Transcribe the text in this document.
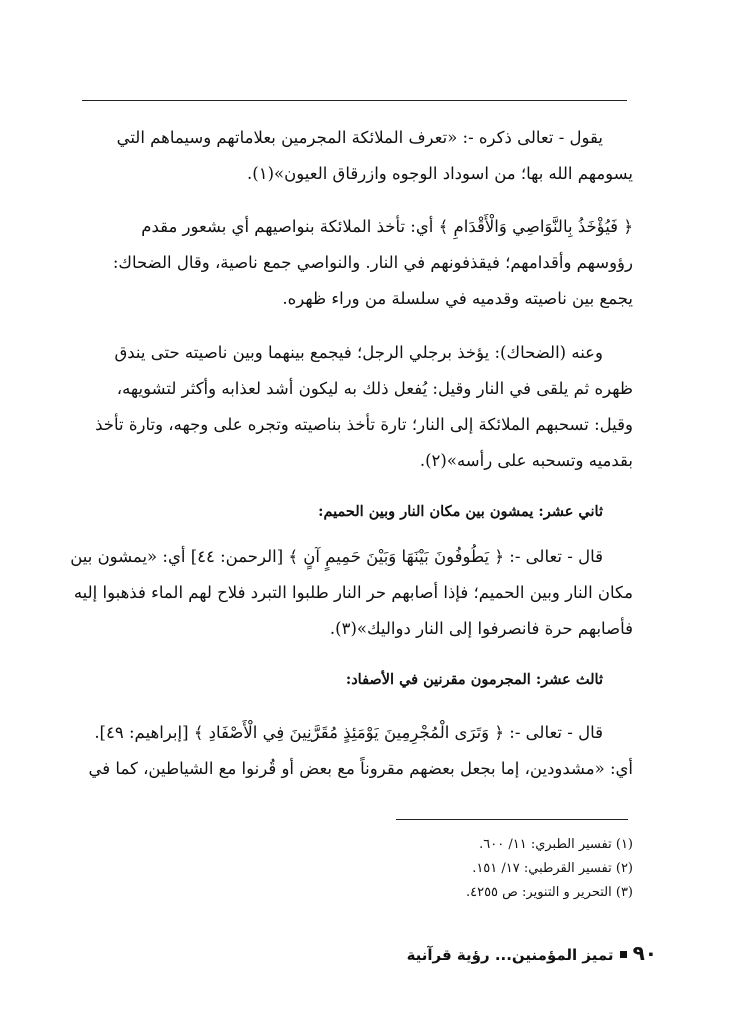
يقول - تعالى ذكره -: «تعرف الملائكة المجرمين بعلاماتهم وسيماهم التي
يسومهم الله بها؛ من اسوداد الوجوه وازرقاق العيون»(١).
﴿ فَيُؤْخَذُ بِالنَّوَاصِي وَالْأَقْدَامِ ﴾ أي: تأخذ الملائكة بنواصيهم أي بشعور مقدم
رؤوسهم وأقدامهم؛ فيقذفونهم في النار. والنواصي جمع ناصية، وقال الضحاك:
يجمع بين ناصيته وقدميه في سلسلة من وراء ظهره.
وعنه (الضحاك): يؤخذ برجلي الرجل؛ فيجمع بينهما وبين ناصيته حتى يندق
ظهره ثم يلقى في النار وقيل: يُفعل ذلك به ليكون أشد لعذابه وأكثر لتشويهه،
وقيل: تسحبهم الملائكة إلى النار؛ تارة تأخذ بناصيته وتجره على وجهه، وتارة تأخذ
بقدميه وتسحبه على رأسه»(٢).
ثاني عشر: يمشون بين مكان النار وبين الحميم:
قال - تعالى -: ﴿ يَطُوفُونَ بَيْنَهَا وَبَيْنَ حَمِيمٍ آنٍ ﴾ [الرحمن: ٤٤] أي: «يمشون بين
مكان النار وبين الحميم؛ فإذا أصابهم حر النار طلبوا التبرد فلاح لهم الماء فذهبوا إليه
فأصابهم حرة فانصرفوا إلى النار دواليك»(٣).
ثالث عشر: المجرمون مقرنين في الأصفاد:
قال - تعالى -: ﴿ وَتَرَى الْمُجْرِمِينَ يَوْمَئِذٍ مُقَرَّنِينَ فِي الْأَصْفَادِ ﴾ [إبراهيم: ٤٩].
أي: «مشدودين، إما بجعل بعضهم مقروناً مع بعض أو قُرنوا مع الشياطين، كما في
(١) تفسير الطبري: ١١/ ٦٠٠.
(٢) تفسير القرطبي: ١٧/ ١٥١.
(٣) التحرير و التنوير: ص ٤٢٥٥.
٩٠تميز المؤمنين... رؤية قرآنية
